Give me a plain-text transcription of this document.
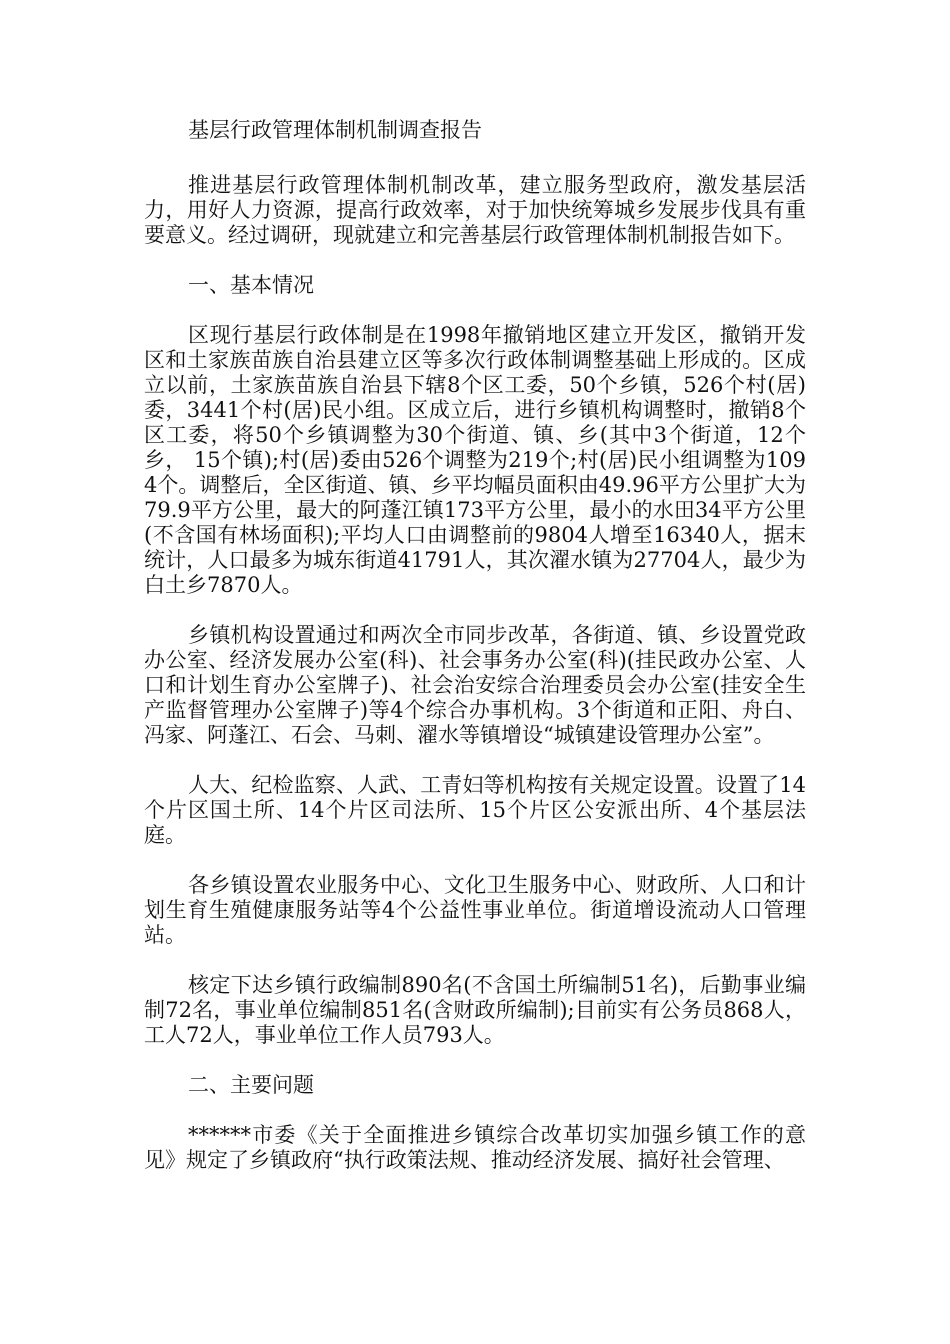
基层行政管理体制机制调查报告

推进基层行政管理体制机制改革，建立服务型政府，激发基层活力，用好人力资源，提高行政效率，对于加快统筹城乡发展步伐具有重要意义。经过调研，现就建立和完善基层行政管理体制机制报告如下。

一、基本情况

区现行基层行政体制是在1998年撤销地区建立开发区，撤销开发区和土家族苗族自治县建立区等多次行政体制调整基础上形成的。区成立以前，土家族苗族自治县下辖8个区工委，50个乡镇，526个村(居)委，3441个村(居)民小组。区成立后，进行乡镇机构调整时，撤销8个区工委，将50个乡镇调整为30个街道、镇、乡(其中3个街道，12个乡， 15个镇);村(居)委由526个调整为219个;村(居)民小组调整为1094个。调整后，全区街道、镇、乡平均幅员面积由49.96平方公里扩大为79.9平方公里，最大的阿蓬江镇173平方公里，最小的水田34平方公里(不含国有林场面积);平均人口由调整前的9804人增至16340人，据末统计，人口最多为城东街道41791人，其次濯水镇为27704人，最少为白土乡7870人。

乡镇机构设置通过和两次全市同步改革，各街道、镇、乡设置党政办公室、经济发展办公室(科)、社会事务办公室(科)(挂民政办公室、人口和计划生育办公室牌子)、社会治安综合治理委员会办公室(挂安全生产监督管理办公室牌子)等4个综合办事机构。3个街道和正阳、舟白、冯家、阿蓬江、石会、马刺、濯水等镇增设“城镇建设管理办公室”。

人大、纪检监察、人武、工青妇等机构按有关规定设置。设置了14个片区国土所、14个片区司法所、15个片区公安派出所、4个基层法庭。

各乡镇设置农业服务中心、文化卫生服务中心、财政所、人口和计划生育生殖健康服务站等4个公益性事业单位。街道增设流动人口管理站。

核定下达乡镇行政编制890名(不含国土所编制51名)，后勤事业编制72名，事业单位编制851名(含财政所编制);目前实有公务员868人，工人72人，事业单位工作人员793人。

二、主要问题

******市委《关于全面推进乡镇综合改革切实加强乡镇工作的意见》规定了乡镇政府“执行政策法规、推动经济发展、搞好社会管理、
